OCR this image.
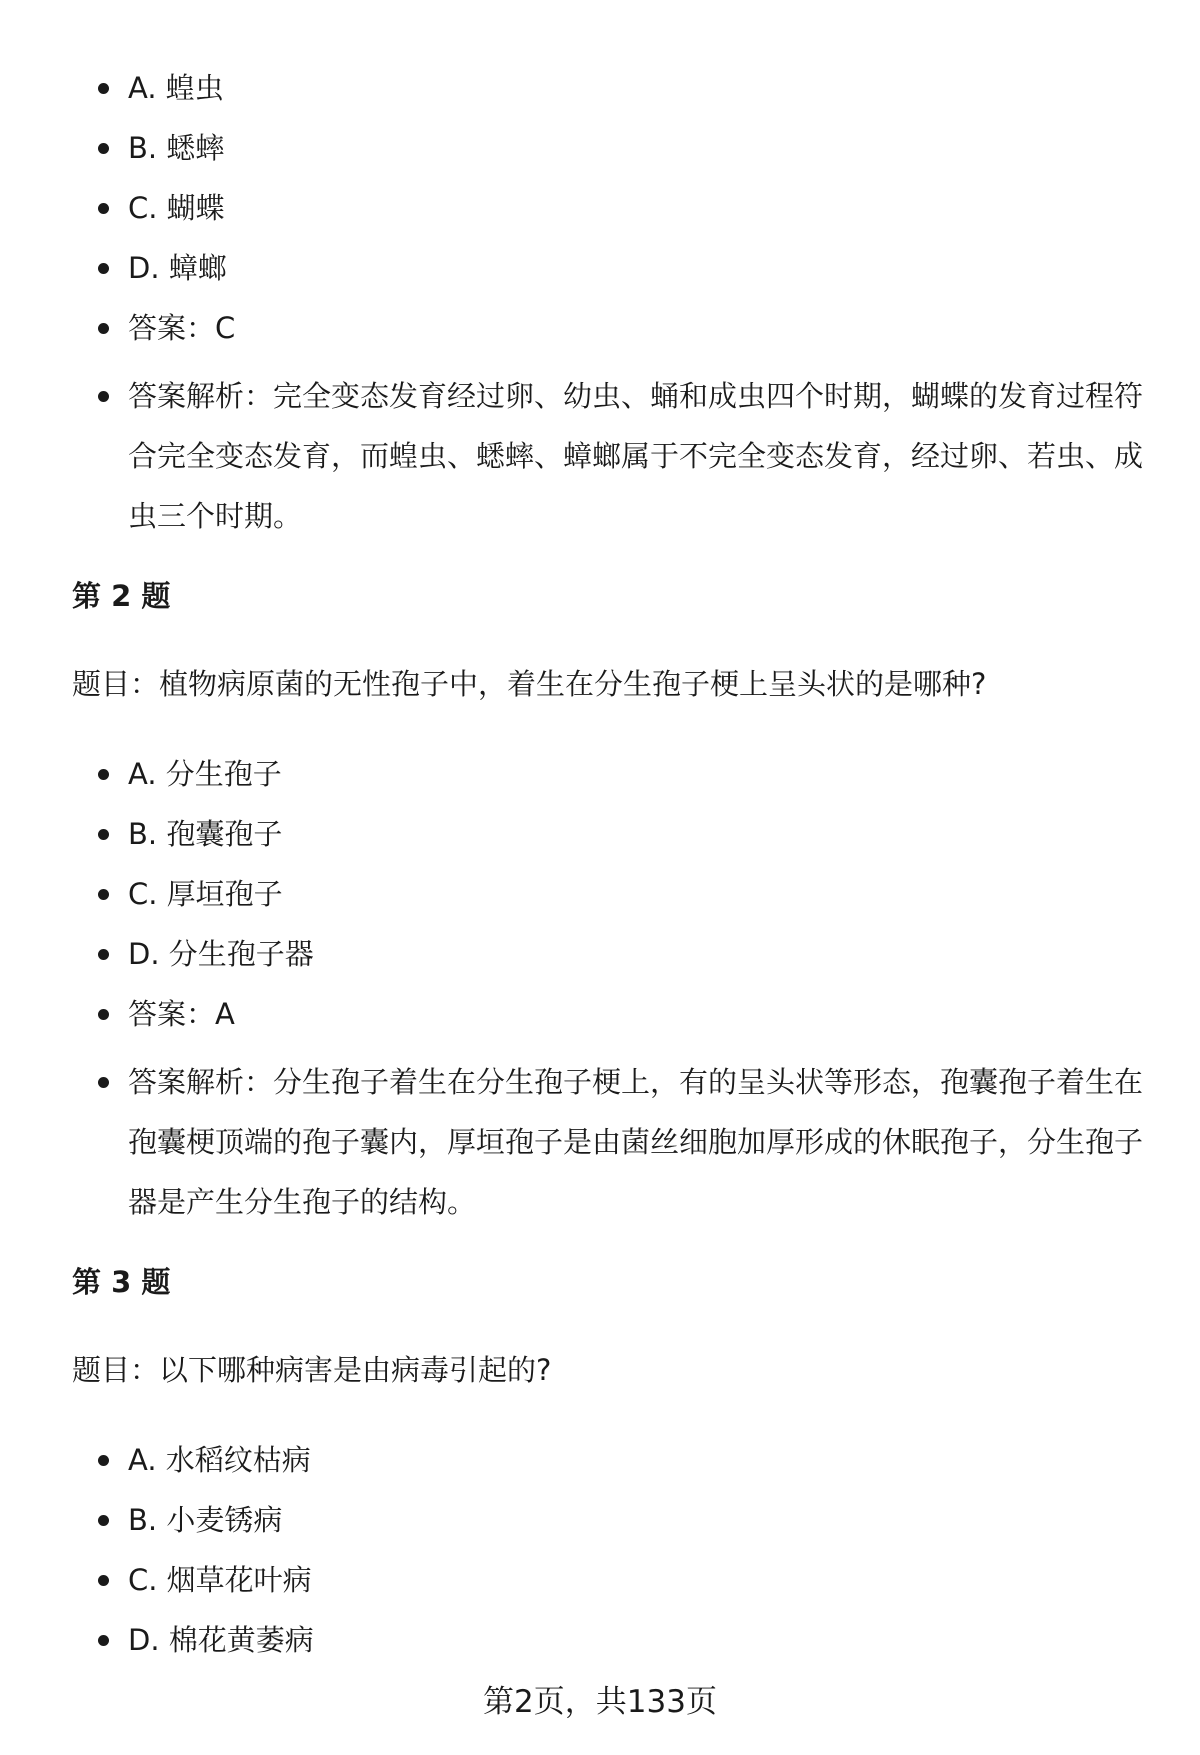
A. 蝗虫
B. 蟋蟀
C. 蝴蝶
D. 蟑螂
答案：C
答案解析：完全变态发育经过卵、幼虫、蛹和成虫四个时期，蝴蝶的发育过程符合完全变态发育，而蝗虫、蟋蟀、蟑螂属于不完全变态发育，经过卵、若虫、成虫三个时期。
第 2 题
题目：植物病原菌的无性孢子中，着生在分生孢子梗上呈头状的是哪种?
A. 分生孢子
B. 孢囊孢子
C. 厚垣孢子
D. 分生孢子器
答案：A
答案解析：分生孢子着生在分生孢子梗上，有的呈头状等形态，孢囊孢子着生在孢囊梗顶端的孢子囊内，厚垣孢子是由菌丝细胞加厚形成的休眠孢子，分生孢子器是产生分生孢子的结构。
第 3 题
题目：以下哪种病害是由病毒引起的?
A. 水稻纹枯病
B. 小麦锈病
C. 烟草花叶病
D. 棉花黄萎病
第2页，共133页
